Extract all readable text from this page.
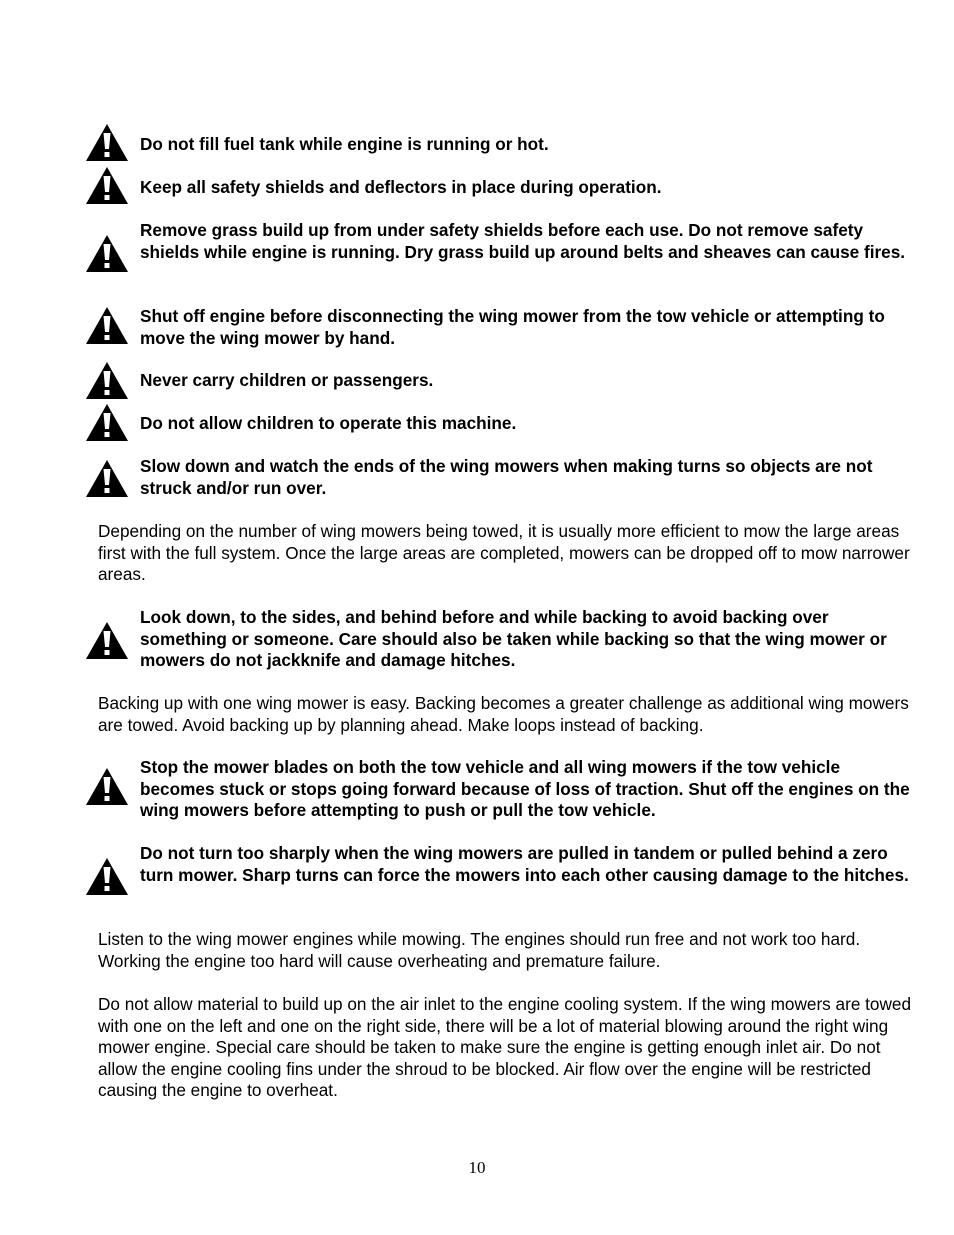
Do not fill fuel tank while engine is running or hot.

Keep all safety shields and deflectors in place during operation.

Remove grass build up from under safety shields before each use. Do not remove safety shields while engine is running. Dry grass build up around belts and sheaves can cause fires.

Shut off engine before disconnecting the wing mower from the tow vehicle or attempting to move the wing mower by hand.

Never carry children or passengers.

Do not allow children to operate this machine.

Slow down and watch the ends of the wing mowers when making turns so objects are not struck and/or run over.

Depending on the number of wing mowers being towed, it is usually more efficient to mow the large areas first with the full system. Once the large areas are completed, mowers can be dropped off to mow narrower areas.

Look down, to the sides, and behind before and while backing to avoid backing over something or someone. Care should also be taken while backing so that the wing mower or mowers do not jackknife and damage hitches.

Backing up with one wing mower is easy. Backing becomes a greater challenge as additional wing mowers are towed. Avoid backing up by planning ahead. Make loops instead of backing.

Stop the mower blades on both the tow vehicle and all wing mowers if the tow vehicle becomes stuck or stops going forward because of loss of traction. Shut off the engines on the wing mowers before attempting to push or pull the tow vehicle.

Do not turn too sharply when the wing mowers are pulled in tandem or pulled behind a zero turn mower. Sharp turns can force the mowers into each other causing damage to the hitches.

Listen to the wing mower engines while mowing. The engines should run free and not work too hard. Working the engine too hard will cause overheating and premature failure.

Do not allow material to build up on the air inlet to the engine cooling system. If the wing mowers are towed with one on the left and one on the right side, there will be a lot of material blowing around the right wing mower engine. Special care should be taken to make sure the engine is getting enough inlet air. Do not allow the engine cooling fins under the shroud to be blocked. Air flow over the engine will be restricted causing the engine to overheat.

10
